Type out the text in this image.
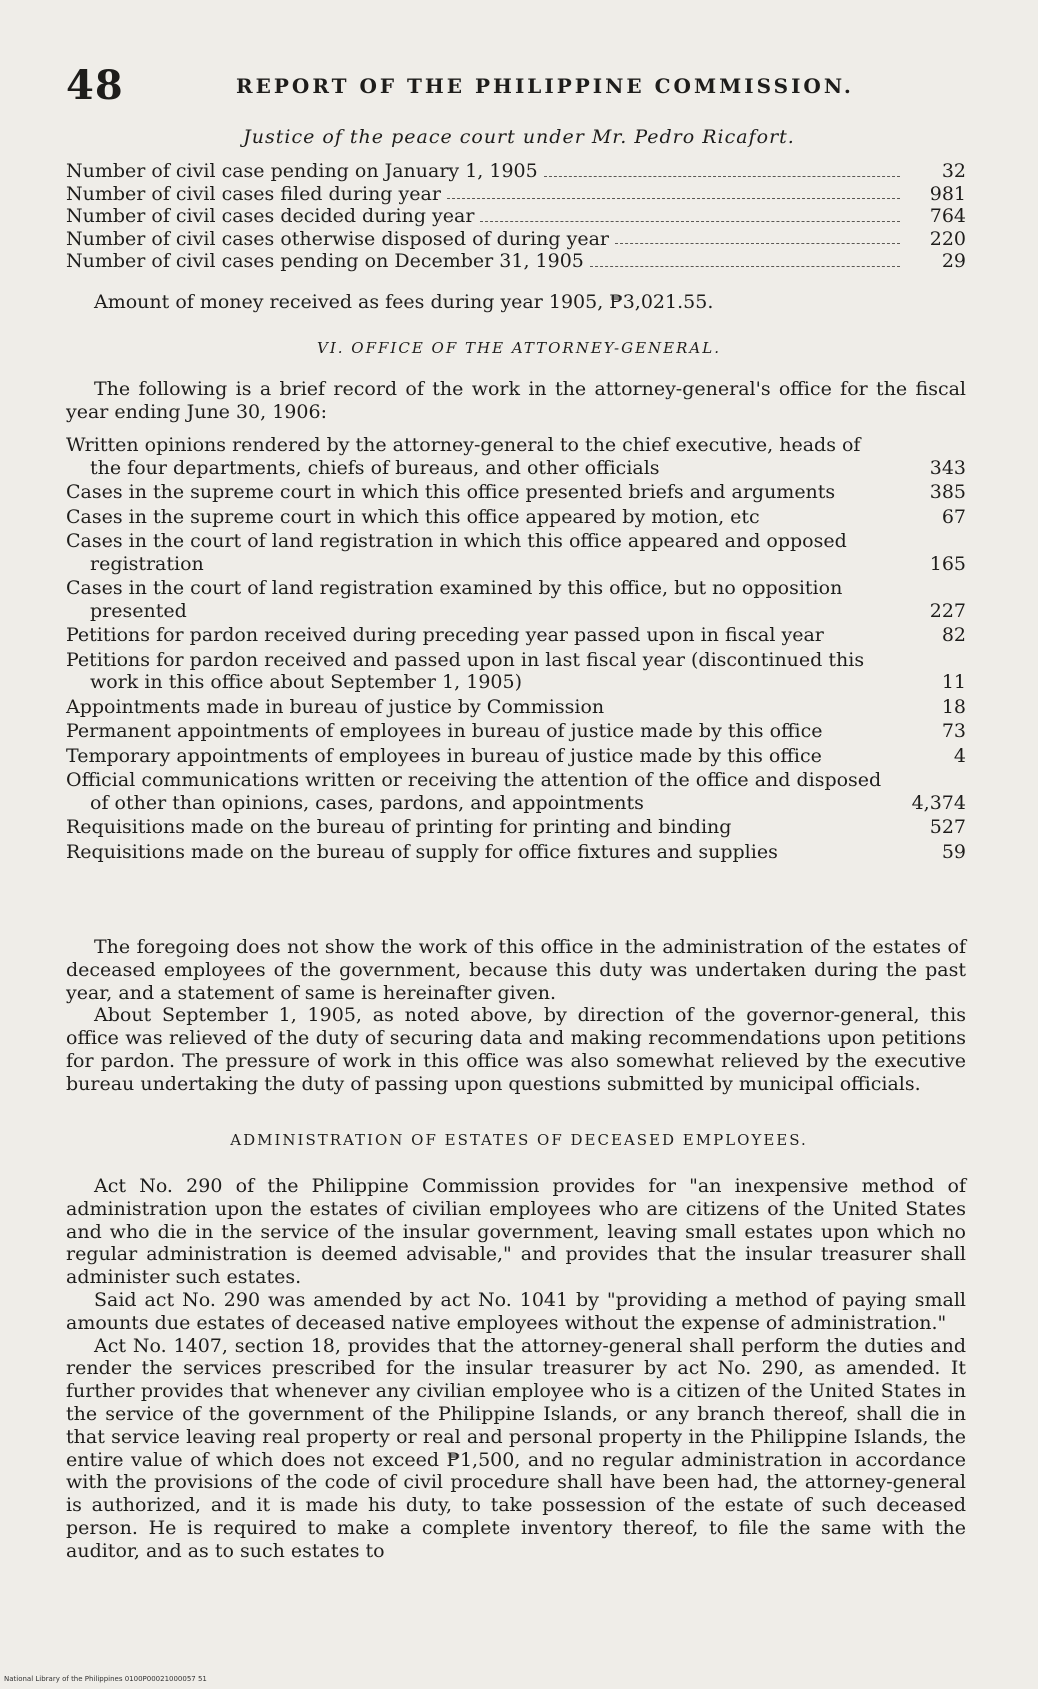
48	REPORT OF THE PHILIPPINE COMMISSION.
Justice of the peace court under Mr. Pedro Ricafort.
Number of civil case pending on January 1, 1905	32
Number of civil cases filed during year	981
Number of civil cases decided during year	764
Number of civil cases otherwise disposed of during year	220
Number of civil cases pending on December 31, 1905	29
Amount of money received as fees during year 1905, ₱3,021.55.
VI. OFFICE OF THE ATTORNEY-GENERAL.
The following is a brief record of the work in the attorney-general's office for the fiscal year ending June 30, 1906:
Written opinions rendered by the attorney-general to the chief executive, heads of the four departments, chiefs of bureaus, and other officials	343
Cases in the supreme court in which this office presented briefs and arguments	385
Cases in the supreme court in which this office appeared by motion, etc	67
Cases in the court of land registration in which this office appeared and opposed registration	165
Cases in the court of land registration examined by this office, but no opposition presented	227
Petitions for pardon received during preceding year passed upon in fiscal year	82
Petitions for pardon received and passed upon in last fiscal year (discontinued this work in this office about September 1, 1905)	11
Appointments made in bureau of justice by Commission	18
Permanent appointments of employees in bureau of justice made by this office	73
Temporary appointments of employees in bureau of justice made by this office	4
Official communications written or receiving the attention of the office and disposed of other than opinions, cases, pardons, and appointments	4,374
Requisitions made on the bureau of printing for printing and binding	527
Requisitions made on the bureau of supply for office fixtures and supplies	59

The foregoing does not show the work of this office in the administration of the estates of deceased employees of the government, because this duty was undertaken during the past year, and a statement of same is hereinafter given.

About September 1, 1905, as noted above, by direction of the governor-general, this office was relieved of the duty of securing data and making recommendations upon petitions for pardon. The pressure of work in this office was also somewhat relieved by the executive bureau undertaking the duty of passing upon questions submitted by municipal officials.

ADMINISTRATION OF ESTATES OF DECEASED EMPLOYEES.

Act No. 290 of the Philippine Commission provides for "an inexpensive method of administration upon the estates of civilian employees who are citizens of the United States and who die in the service of the insular government, leaving small estates upon which no regular administration is deemed advisable," and provides that the insular treasurer shall administer such estates.

Said act No. 290 was amended by act No. 1041 by "providing a method of paying small amounts due estates of deceased native employees without the expense of administration."

Act No. 1407, section 18, provides that the attorney-general shall perform the duties and render the services prescribed for the insular treasurer by act No. 290, as amended. It further provides that whenever any civilian employee who is a citizen of the United States in the service of the government of the Philippine Islands, or any branch thereof, shall die in that service leaving real property or real and personal property in the Philippine Islands, the entire value of which does not exceed ₱1,500, and no regular administration in accordance with the provisions of the code of civil procedure shall have been had, the attorney-general is authorized, and it is made his duty, to take possession of the estate of such deceased person. He is required to make a complete inventory thereof, to file the same with the auditor, and as to such estates to

National Library of the Philippines 0100P00021000057 51
